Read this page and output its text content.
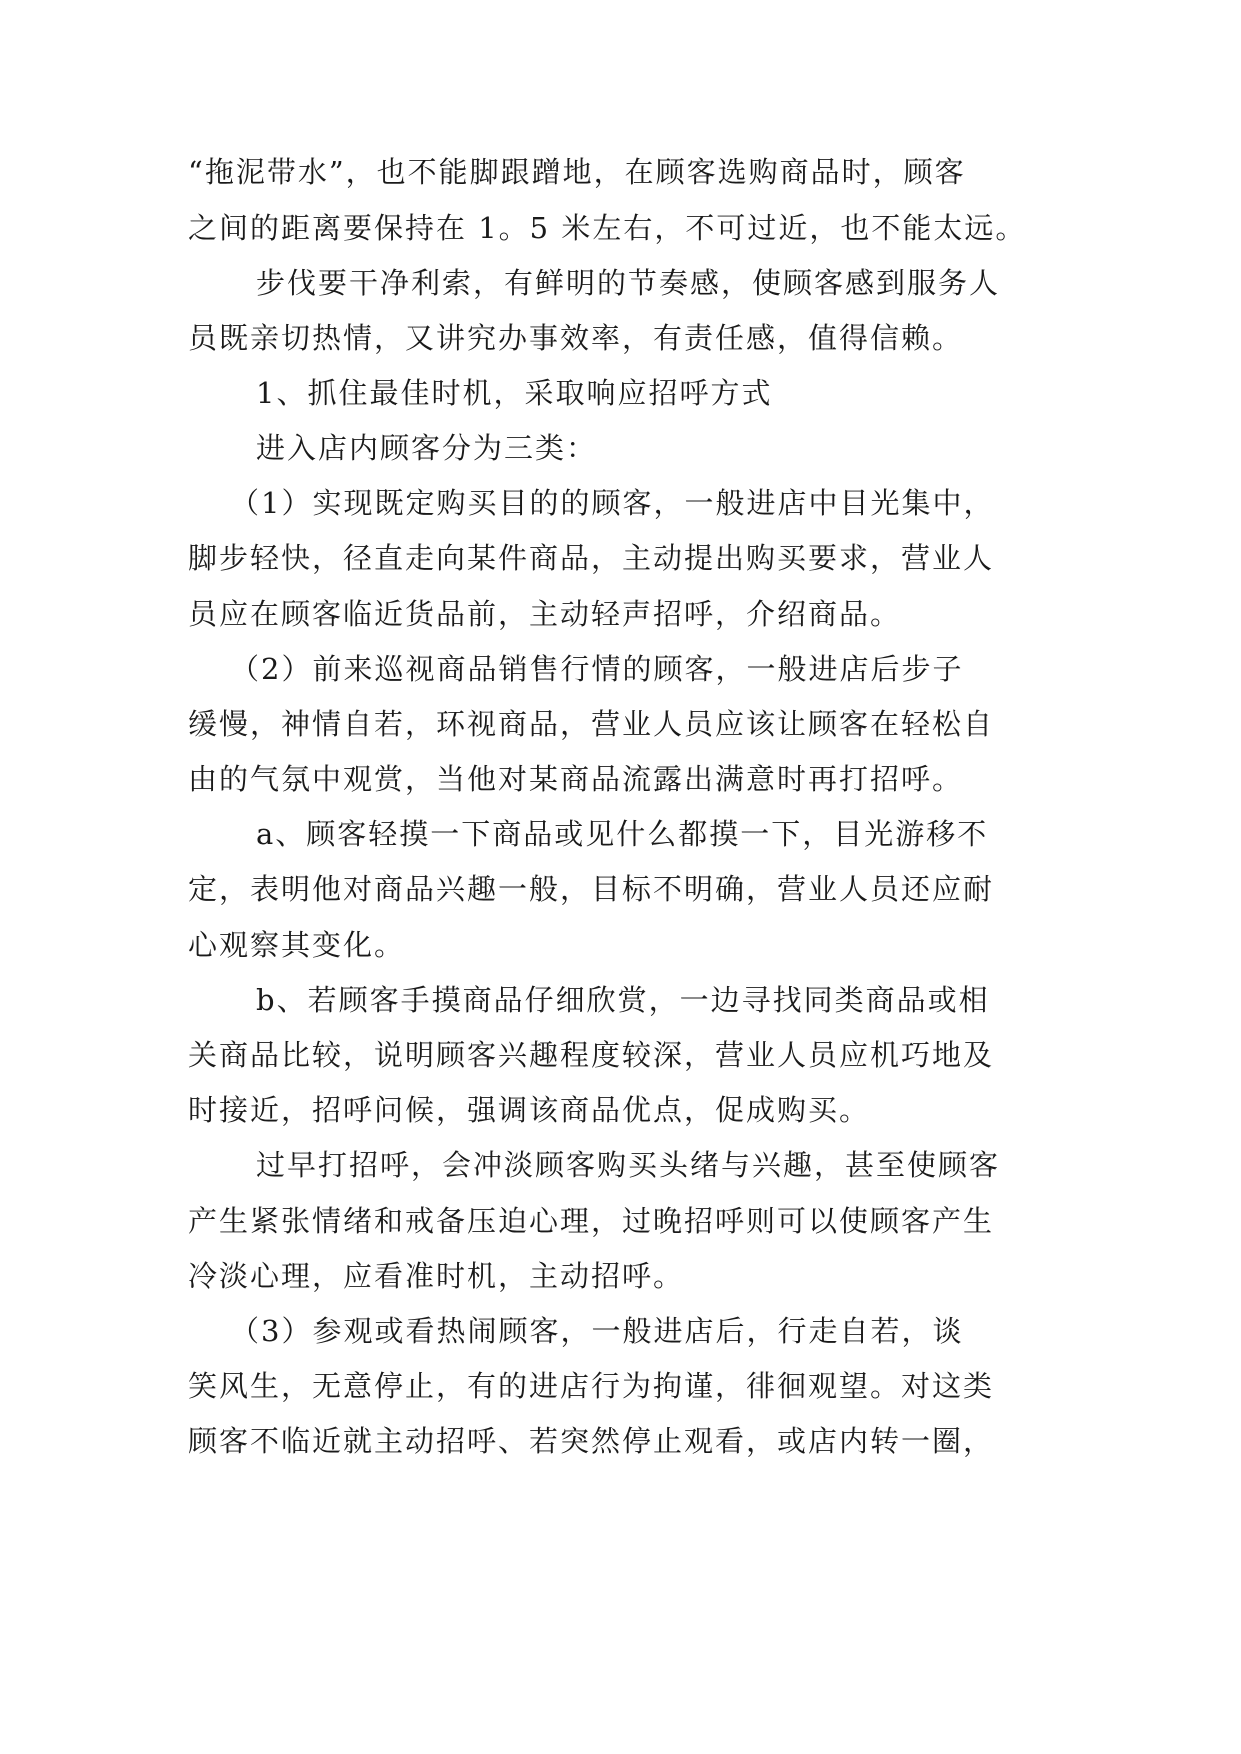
“拖泥带水”，也不能脚跟蹭地，在顾客选购商品时，顾客
之间的距离要保持在 1。5 米左右，不可过近，也不能太远。
步伐要干净利索，有鲜明的节奏感，使顾客感到服务人
员既亲切热情，又讲究办事效率，有责任感，值得信赖。
1、抓住最佳时机，采取响应招呼方式
进入店内顾客分为三类：
（1）实现既定购买目的的顾客，一般进店中目光集中，
脚步轻快，径直走向某件商品，主动提出购买要求，营业人
员应在顾客临近货品前，主动轻声招呼，介绍商品。
（2）前来巡视商品销售行情的顾客，一般进店后步子
缓慢，神情自若，环视商品，营业人员应该让顾客在轻松自
由的气氛中观赏，当他对某商品流露出满意时再打招呼。
a、顾客轻摸一下商品或见什么都摸一下，目光游移不
定，表明他对商品兴趣一般，目标不明确，营业人员还应耐
心观察其变化。
b、若顾客手摸商品仔细欣赏，一边寻找同类商品或相
关商品比较，说明顾客兴趣程度较深，营业人员应机巧地及
时接近，招呼问候，强调该商品优点，促成购买。
过早打招呼，会冲淡顾客购买头绪与兴趣，甚至使顾客
产生紧张情绪和戒备压迫心理，过晚招呼则可以使顾客产生
冷淡心理，应看准时机，主动招呼。
（3）参观或看热闹顾客，一般进店后，行走自若，谈
笑风生，无意停止，有的进店行为拘谨，徘徊观望。对这类
顾客不临近就主动招呼、若突然停止观看，或店内转一圈，
